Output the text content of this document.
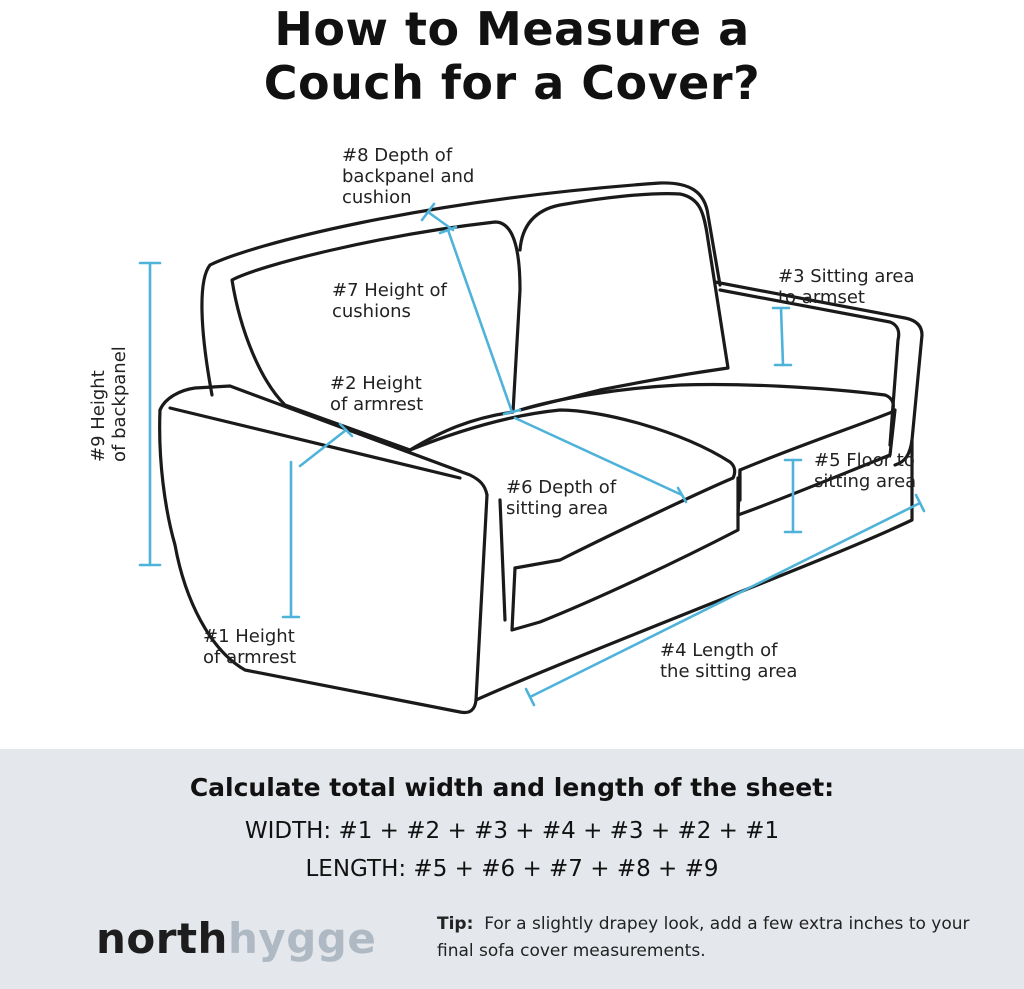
How to Measure a
Couch for a Cover?
#8 Depth of
backpanel and
cushion
#7 Height of
cushions
#2 Height
of armrest
#3 Sitting area
to armset
#5 Floor to
sitting area
#6 Depth of
sitting area
#1 Height
of armrest	#4 Length of
the sitting area
#9 Height of backpanel
Calculate total width and length of the sheet:
WIDTH: #1 + #2 + #3 + #4 + #3 + #2 + #1
LENGTH: #5 + #6 + #7 + #8 + #9
northhygge	Tip: For a slightly drapey look, add a few extra inches to your final sofa cover measurements.
